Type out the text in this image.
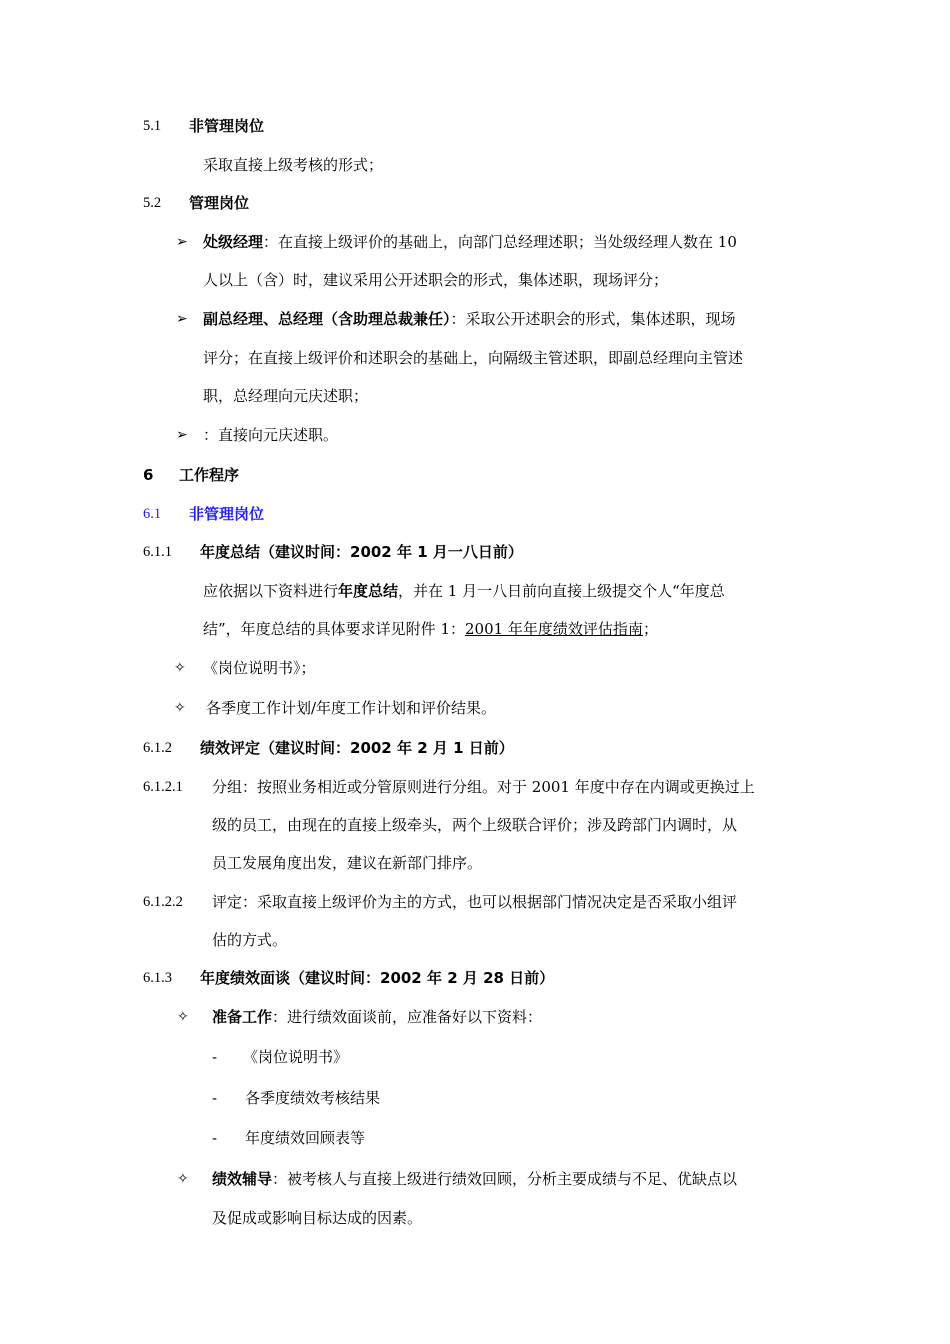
5.1 非管理岗位
采取直接上级考核的形式；
5.2 管理岗位
➢ 处级经理：在直接上级评价的基础上，向部门总经理述职；当处级经理人数在 10
人以上（含）时，建议采用公开述职会的形式，集体述职，现场评分；
➢ 副总经理、总经理（含助理总裁兼任）：采取公开述职会的形式，集体述职，现场
评分；在直接上级评价和述职会的基础上，向隔级主管述职，即副总经理向主管述
职，总经理向元庆述职；
➢ ：直接向元庆述职。
6 工作程序
6.1 非管理岗位
6.1.1 年度总结（建议时间：2002 年 1 月一八日前）
应依据以下资料进行年度总结，并在 1 月一八日前向直接上级提交个人“年度总
结”，年度总结的具体要求详见附件 1：2001 年年度绩效评估指南；
✧ 《岗位说明书》；
✧ 各季度工作计划/年度工作计划和评价结果。
6.1.2 绩效评定（建议时间：2002 年 2 月 1 日前）
6.1.2.1 分组：按照业务相近或分管原则进行分组。对于 2001 年度中存在内调或更换过上
级的员工，由现在的直接上级牵头，两个上级联合评价；涉及跨部门内调时，从
员工发展角度出发，建议在新部门排序。
6.1.2.2 评定：采取直接上级评价为主的方式，也可以根据部门情况决定是否采取小组评
估的方式。
6.1.3 年度绩效面谈（建议时间：2002 年 2 月 28 日前）
✧ 准备工作：进行绩效面谈前，应准备好以下资料：
- 《岗位说明书》
- 各季度绩效考核结果
- 年度绩效回顾表等
✧ 绩效辅导：被考核人与直接上级进行绩效回顾，分析主要成绩与不足、优缺点以
及促成或影响目标达成的因素。
